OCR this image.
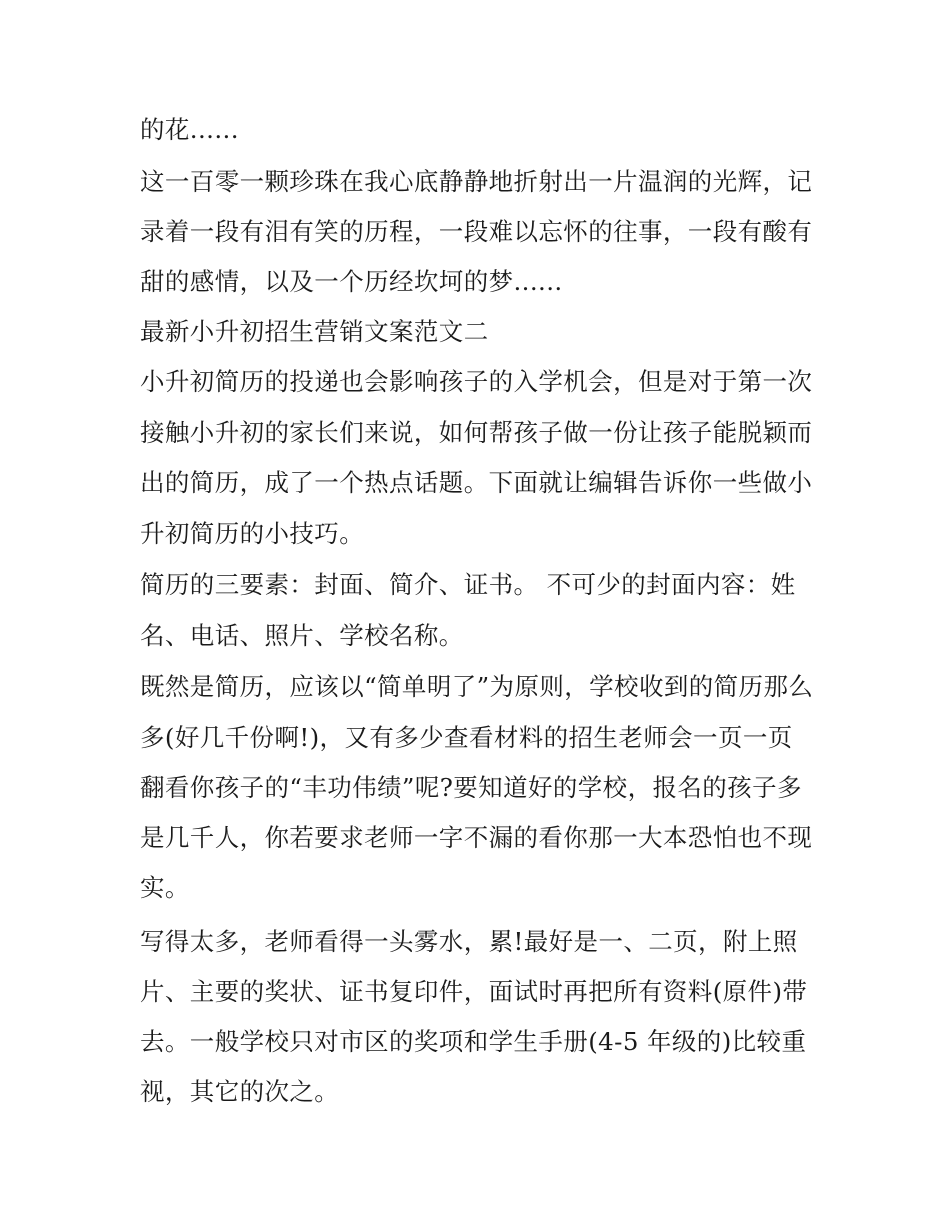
的花......
这一百零一颗珍珠在我心底静静地折射出一片温润的光辉，记
录着一段有泪有笑的历程，一段难以忘怀的往事，一段有酸有
甜的感情，以及一个历经坎坷的梦......
最新小升初招生营销文案范文二
小升初简历的投递也会影响孩子的入学机会，但是对于第一次
接触小升初的家长们来说，如何帮孩子做一份让孩子能脱颖而
出的简历，成了一个热点话题。下面就让编辑告诉你一些做小
升初简历的小技巧。
简历的三要素：封面、简介、证书。 不可少的封面内容：姓
名、电话、照片、学校名称。
既然是简历，应该以“简单明了”为原则，学校收到的简历那么
多(好几千份啊!)，又有多少查看材料的招生老师会一页一页
翻看你孩子的“丰功伟绩”呢?要知道好的学校，报名的孩子多
是几千人，你若要求老师一字不漏的看你那一大本恐怕也不现
实。
写得太多，老师看得一头雾水，累!最好是一、二页，附上照
片、主要的奖状、证书复印件，面试时再把所有资料(原件)带
去。一般学校只对市区的奖项和学生手册(4-5 年级的)比较重
视，其它的次之。
